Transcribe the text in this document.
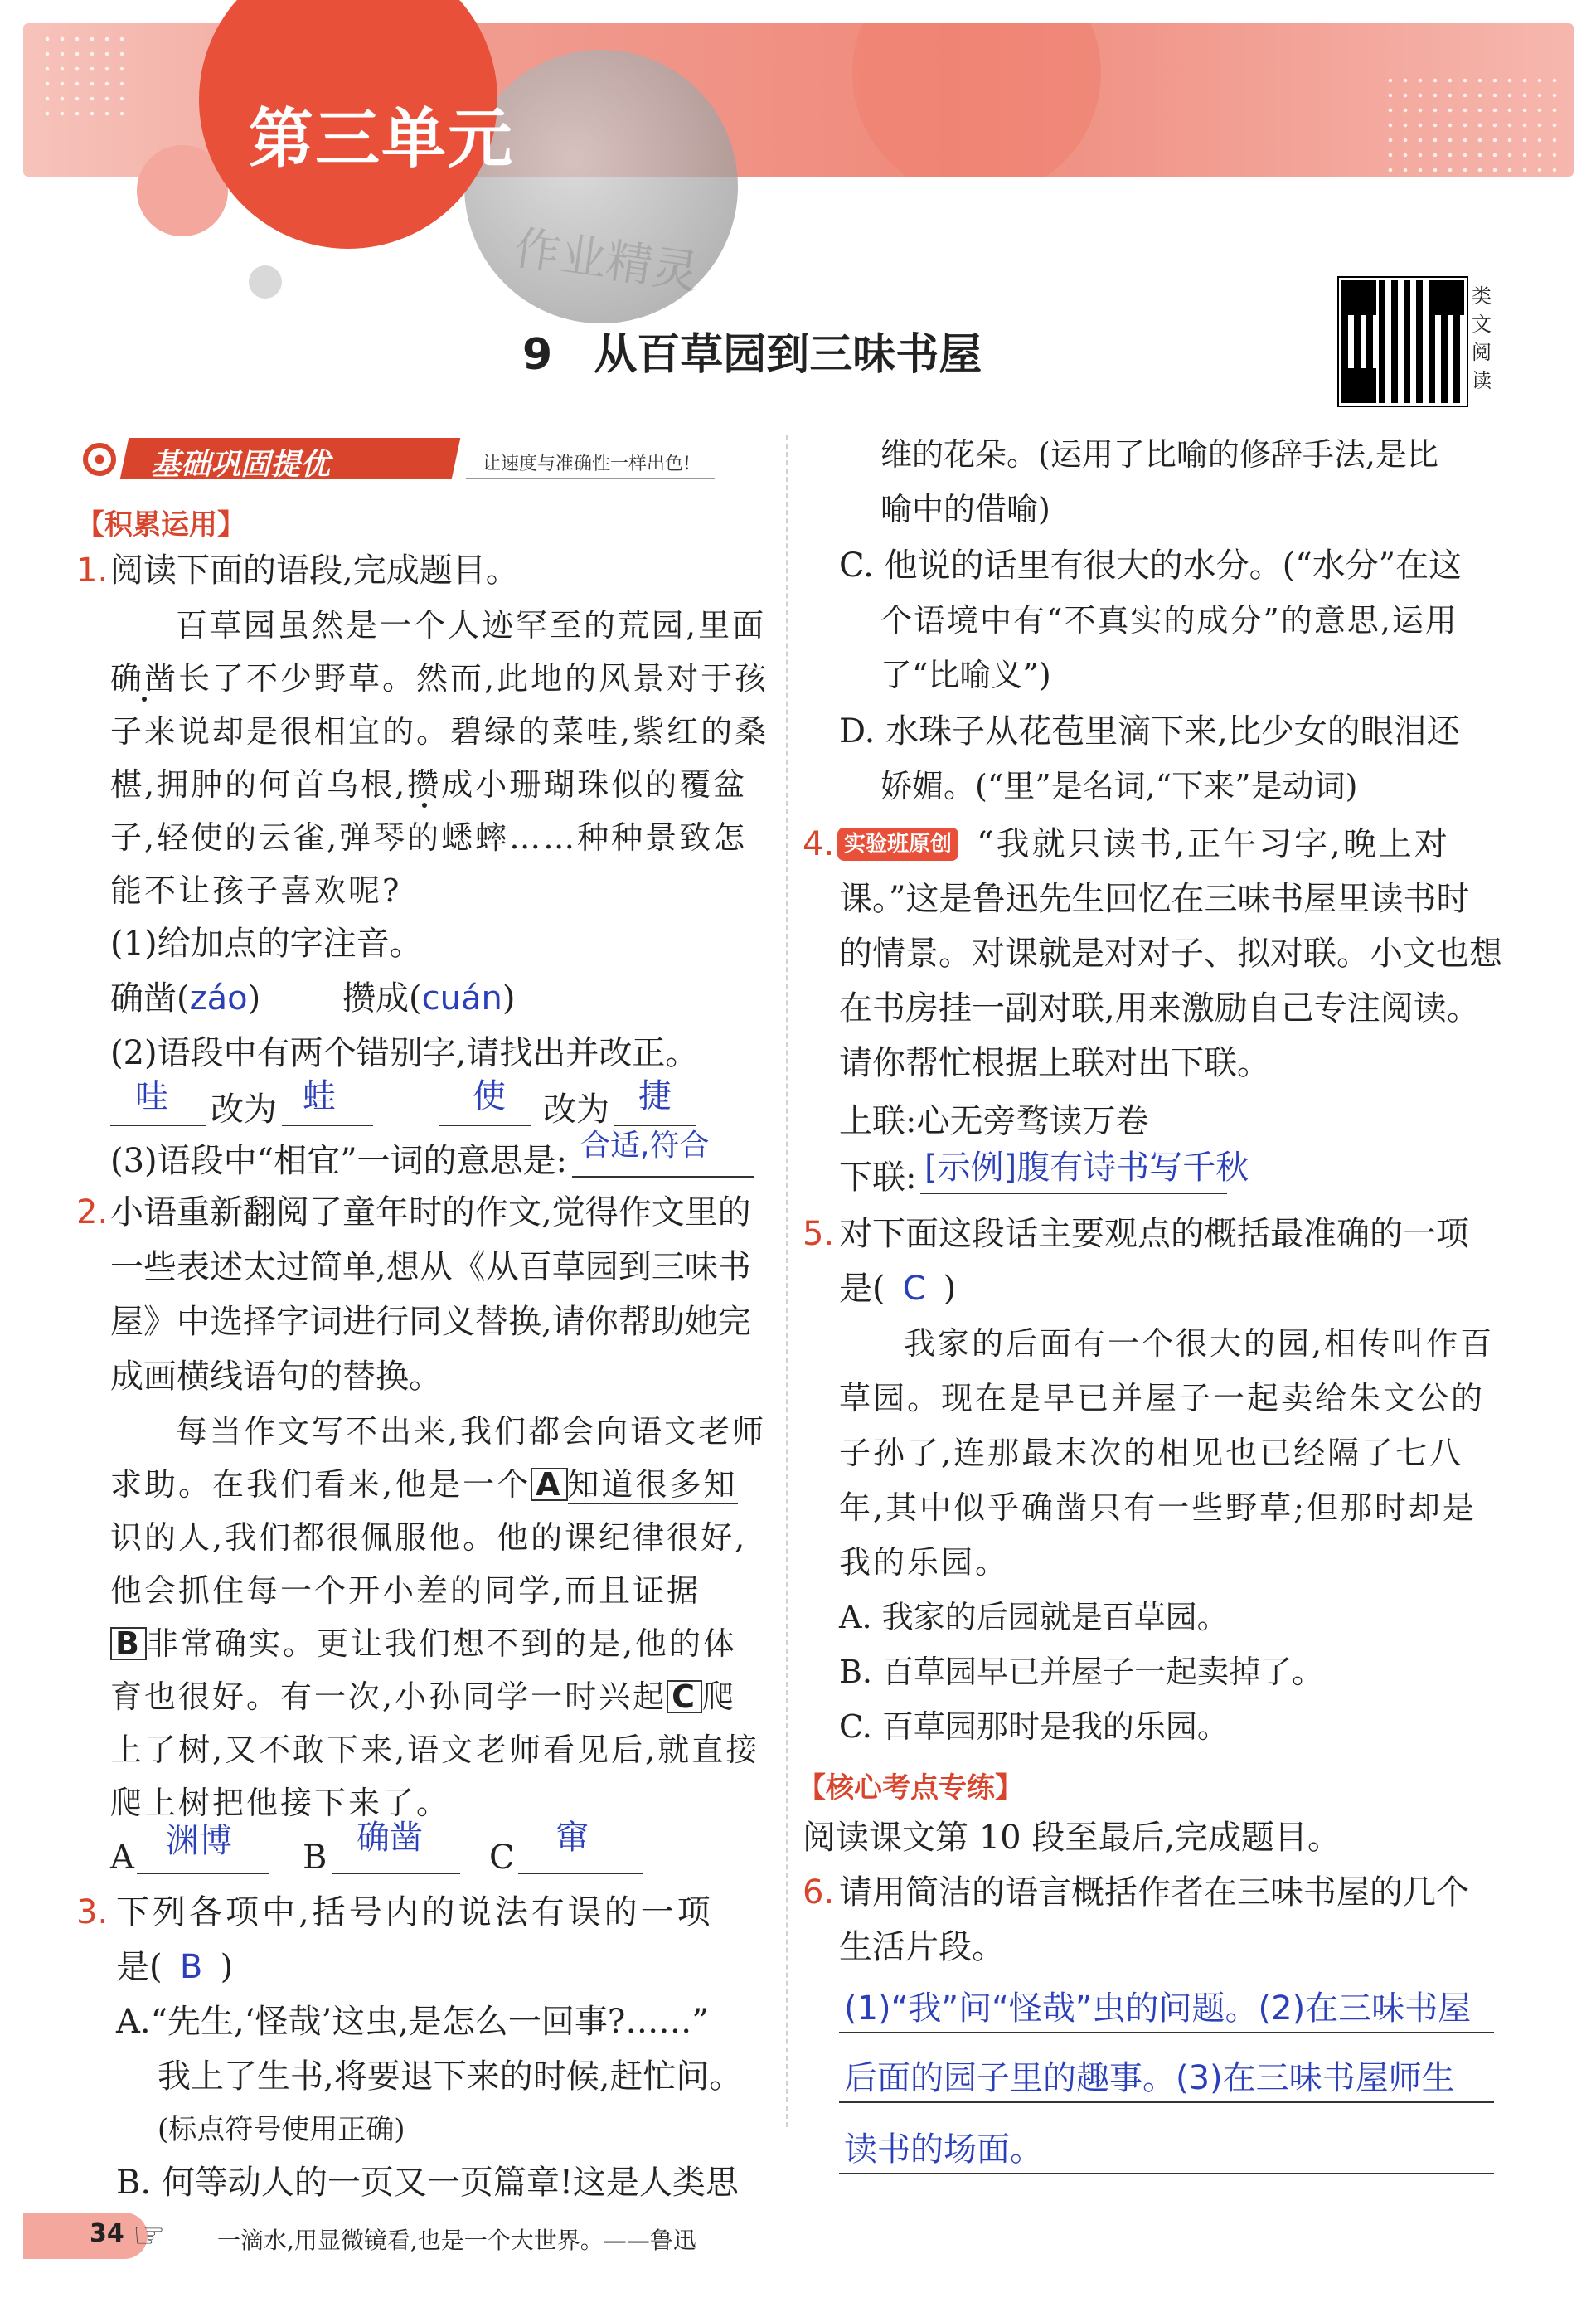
第三单元
作业精灵
9 从百草园到三味书屋
类文阅读
基础巩固提优	让速度与准确性一样出色!
【积累运用】
1. 阅读下面的语段,完成题目。
百草园虽然是一个人迹罕至的荒园,里面
确凿长了不少野草。然而,此地的风景对于孩
子来说却是很相宜的。碧绿的菜哇,紫红的桑
椹,拥肿的何首乌根,攒成小珊瑚珠似的覆盆
子,轻使的云雀,弹琴的蟋蟀……种种景致怎
能不让孩子喜欢呢?
(1)给加点的字注音。
确凿(záo) 攒成(cuán)
(2)语段中有两个错别字,请找出并改正。
哇 改为 蛙	使 改为 捷
(3)语段中“相宜”一词的意思是: 合适,符合
2. 小语重新翻阅了童年时的作文,觉得作文里的
一些表述太过简单,想从《从百草园到三味书
屋》中选择字词进行同义替换,请你帮助她完
成画横线语句的替换。
每当作文写不出来,我们都会向语文老师
求助。在我们看来,他是一个 A 知道很多知
识的人,我们都很佩服他。他的课纪律很好,
他会抓住每一个开小差的同学,而且证据
B 非常确实。更让我们想不到的是,他的体
育也很好。有一次,小孙同学一时兴起 C 爬
上了树,又不敢下来,语文老师看见后,就直接
爬上树把他接下来了。
A 渊博 B
确凿
C
窜
3. 下列各项中,括号内的说法有误的一项
是( B )
A.“先生,‘怪哉’这虫,是怎么一回事?……”
我上了生书,将要退下来的时候,赶忙问。
(标点符号使用正确)
B. 何等动人的一页又一页篇章!这是人类思
维的花朵。(运用了比喻的修辞手法,是比
喻中的借喻)
C. 他说的话里有很大的水分。(“水分”在这
个语境中有“不真实的成分”的意思,运用
了“比喻义”)
D. 水珠子从花苞里滴下来,比少女的眼泪还
娇媚。(“里”是名词,“下来”是动词)
4. 实验班原创 “我就只读书,正午习字,晚上对
课。”这是鲁迅先生回忆在三味书屋里读书时
的情景。对课就是对对子、拟对联。小文也想
在书房挂一副对联,用来激励自己专注阅读。
请你帮忙根据上联对出下联。
上联:心无旁骛读万卷
下联: [示例]腹有诗书写千秋
5. 对下面这段话主要观点的概括最准确的一项
是( C )
我家的后面有一个很大的园,相传叫作百
草园。现在是早已并屋子一起卖给朱文公的
子孙了,连那最末次的相见也已经隔了七八
年,其中似乎确凿只有一些野草;但那时却是
我的乐园。
A. 我家的后园就是百草园。
B. 百草园早已并屋子一起卖掉了。
C. 百草园那时是我的乐园。
【核心考点专练】
阅读课文第 10 段至最后,完成题目。
6. 请用简洁的语言概括作者在三味书屋的几个
生活片段。
(1)“我”问“怪哉”虫的问题。(2)在三味书屋
后面的园子里的趣事。(3)在三味书屋师生
读书的场面。
34 ☞ 一滴水,用显微镜看,也是一个大世界。——鲁迅
